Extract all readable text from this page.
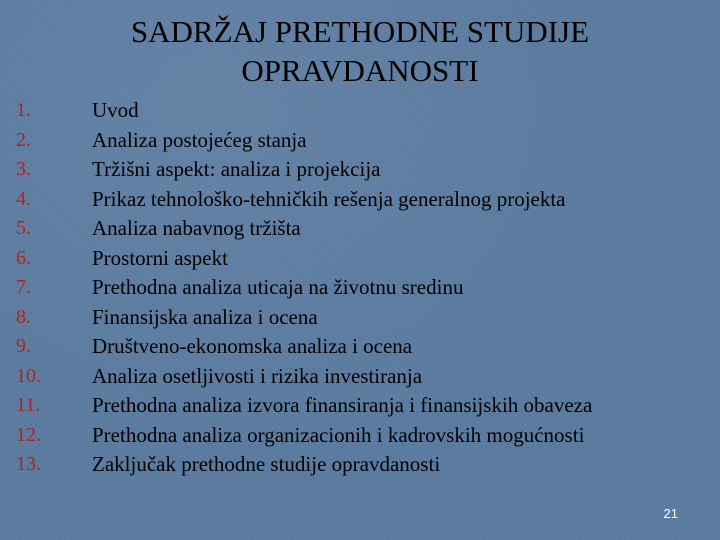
SADRŽAJ PRETHODNE STUDIJE
OPRAVDANOSTI
1.	Uvod
2.	Analiza postojećeg stanja
3.	Tržišni aspekt: analiza i projekcija
4.	Prikaz tehnološko-tehničkih rešenja generalnog projekta
5.	Analiza nabavnog tržišta
6.	Prostorni aspekt
7.	Prethodna analiza uticaja na životnu sredinu
8.	Finansijska analiza i ocena
9.	Društveno-ekonomska analiza i ocena
10.	Analiza osetljivosti i rizika investiranja
11.	Prethodna analiza izvora finansiranja i finansijskih obaveza
12.	Prethodna analiza organizacionih i kadrovskih mogućnosti
13.	Zaključak prethodne studije opravdanosti
21
